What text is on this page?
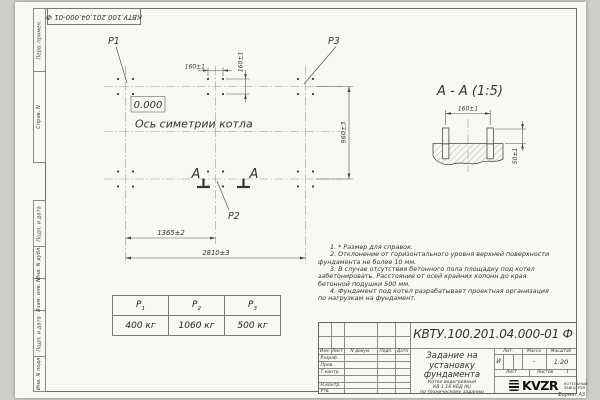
КВТУ.100.201.04.000-01 Ф
Перв. примен.
Справ. N
Подп. и дата
Инв. N дубл.
Взам. инв. N
Подп. и дата
Инв. N подл.
160±1	160±1
960±3
1365±2
2810±3
P1	P3
P2
0.000
Ось симетрии котла
А	А
А - А (1:5)
160±1
50±1
1. * Размер для справок.
2. Отклонение от горизонтального уровня верхней поверхности фундамента не более 10 мм.
3. В случае отсутствия бетонного пола площадку под котел забетонировать. Расстояние от осей крайних колонн до края бетонной подушки 500 мм.
4. Фундамент под котел разрабатывает проектная организация по нагрузкам на фундамент.
$P_1$	$P_2$	$P_3$
400 кг	1060 кг	500 кг
КВТУ.100.201.04.000-01 Ф
Изм. Лист	N докум.	Подп.	Дата
Разраб.
Пров.
Т.контр.
Н.контр.
Утв.
Задание на
установку
фундамента
Котел водогрейный
КВ-1,16 КБД (К)
по техническому заданию
Лит.	Масса	Масштаб
И	-	1:20
Лист	Листов	1
KVZR КОТЕЛЬНЫЙ
ЗАВОД РЭП
Формат А3
